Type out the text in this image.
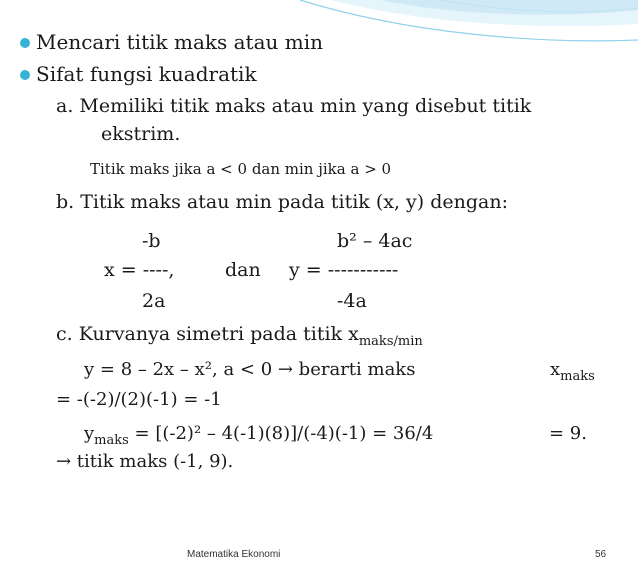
Mencari titik maks atau min
Sifat fungsi kuadratik
a. Memiliki titik maks atau min yang disebut titik
ekstrim.
Titik maks jika a < 0 dan min jika a > 0
b. Titik maks atau min pada titik (x, y) dengan:
-b
x = ----,
2a
dan
b² – 4ac
y = -----------
-4a
c. Kurvanya simetri pada titik $x_{maks/min}$
y = 8 – 2x – x², a < 0 → berarti maks	$x_{maks}$
= -(-2)/(2)(-1) = -1
$y_{maks} = [(-2)^2 - 4(-1)(8)]/(-4)(-1) = 36/4$	= 9.
→ titik maks (-1, 9).
Matematika Ekonomi	56
